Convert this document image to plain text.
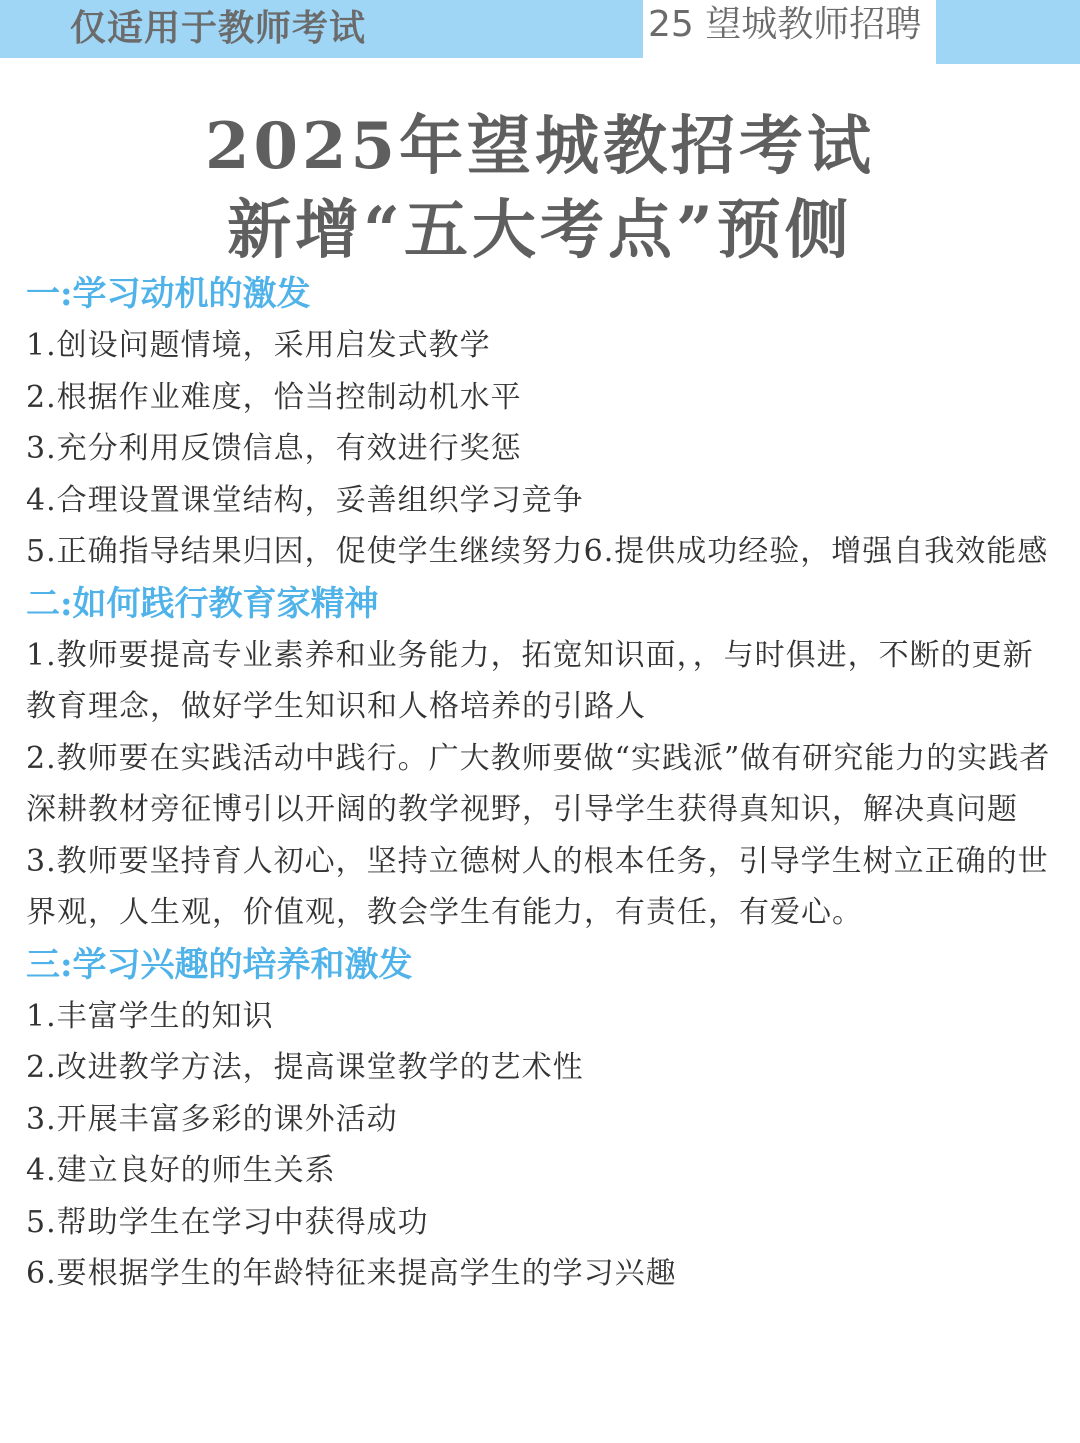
仅适用于教师考试	25 望城教师招聘
2025年望城教招考试
新增“五大考点”预侧
一:学习动机的激发
1.创设问题情境，采用启发式教学
2.根据作业难度，恰当控制动机水平
3.充分利用反馈信息，有效进行奖惩
4.合理设置课堂结构，妥善组织学习竞争
5.正确指导结果归因，促使学生继续努力6.提供成功经验，增强自我效能感
二:如何践行教育家精神
1.教师要提高专业素养和业务能力，拓宽知识面，，与时俱进，不断的更新教育理念，做好学生知识和人格培养的引路人
2.教师要在实践活动中践行。广大教师要做“实践派”做有研究能力的实践者深耕教材旁征博引以开阔的教学视野，引导学生获得真知识，解决真问题
3.教师要坚持育人初心，坚持立德树人的根本任务，引导学生树立正确的世界观，人生观，价值观，教会学生有能力，有责任，有爱心。
三:学习兴趣的培养和激发
1.丰富学生的知识
2.改进教学方法，提高课堂教学的艺术性
3.开展丰富多彩的课外活动
4.建立良好的师生关系
5.帮助学生在学习中获得成功
6.要根据学生的年龄特征来提高学生的学习兴趣
